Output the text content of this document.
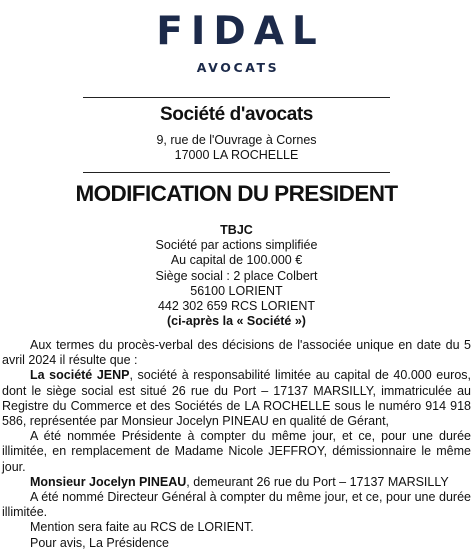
FIDAL
AVOCATS
Société d'avocats
9, rue de l'Ouvrage à Cornes
17000 LA ROCHELLE
MODIFICATION DU PRESIDENT
TBJC
Société par actions simplifiée
Au capital de 100.000 €
Siège social : 2 place Colbert
56100 LORIENT
442 302 659 RCS LORIENT
(ci-après la « Société »)

Aux termes du procès-verbal des décisions de l'associée unique en date du 5 avril 2024 il résulte que :

La société JENP, société à responsabilité limitée au capital de 40.000 euros, dont le siège social est situé 26 rue du Port – 17137 MARSILLY, immatriculée au Registre du Commerce et des Sociétés de LA ROCHELLE sous le numéro 914 918 586, représentée par Monsieur Jocelyn PINEAU en qualité de Gérant,

A été nommée Présidente à compter du même jour, et ce, pour une durée illimitée, en remplacement de Madame Nicole JEFFROY, démissionnaire le même jour.

Monsieur Jocelyn PINEAU, demeurant 26 rue du Port – 17137 MARSILLY

A été nommé Directeur Général à compter du même jour, et ce, pour une durée illimitée.

Mention sera faite au RCS de LORIENT.

Pour avis, La Présidence
